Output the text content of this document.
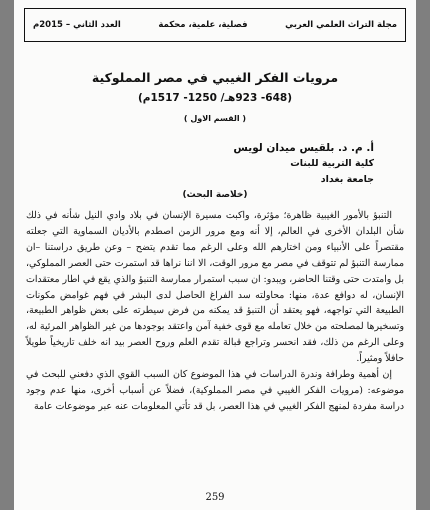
مجلة التراث العلمي العربي
فصلية، علمية، محكمة
العدد الثاني – 2015م
مرويات الفكر الغيبي في مصر المملوكية
(648- 923هـ/ 1250- 1517م)
( القسم الاول )
أ. م. د. بلقيس ميدان لويس
كلية التربية للبنات
جامعة بغداد
(خلاصة البحث)

التنبؤ بالأمور الغيبية ظاهرة؛ مؤثرة، واكبت مسيرة الإنسان في بلاد وادي النيل شأنه في ذلك شأن البلدان الأخرى في العالم، إلا أنه ومع مرور الزمن اصطدم بالأديان السماوية التي جعلته مقتصراً على الأنبياء ومن اختارهم الله وعلى الرغم مما تقدم يتضح – وعن طريق دراستنا –ان ممارسة التنبؤ لم تتوقف في مصر مع مرور الوقت، الا اننا نراها قد استمرت حتى العصر المملوكي، بل وامتدت حتى وقتنا الحاضر، ويبدو: ان سبب استمرار ممارسة التنبؤ والذي يقع في اطار معتقدات الإنسان، له دوافع عدة، منها: محاولته سد الفراغ الحاصل لدى البشر في فهم غوامض مكونات الطبيعة التي تواجهه، فهو يعتقد أن التنبؤ قد يمكنه من فرض سيطرته على بعض ظواهر الطبيعة، وتسخيرها لمصلحته من خلال تعامله مع قوى خفية آمن واعتقد بوجودها من غير الظواهر المرئية له، وعلى الرغم من ذلك، فقد انحسر وتراجع قبالة تقدم العلم وروح العصر بيد انه خلف تاريخياً طويلاً حافلاً ومثيراً.

إن أهمية وطرافة وندرة الدراسات في هذا الموضوع كان السبب القوي الذي دفعني للبحث في موضوعه: (مرويات الفكر الغيبي في مصر المملوكية)، فضلاً عن أسباب أخرى، منها عدم وجود دراسة مفردة لمنهج الفكر الغيبي في هذا العصر، بل قد تأتي المعلومات عنه عبر موضوعات عامة

259
